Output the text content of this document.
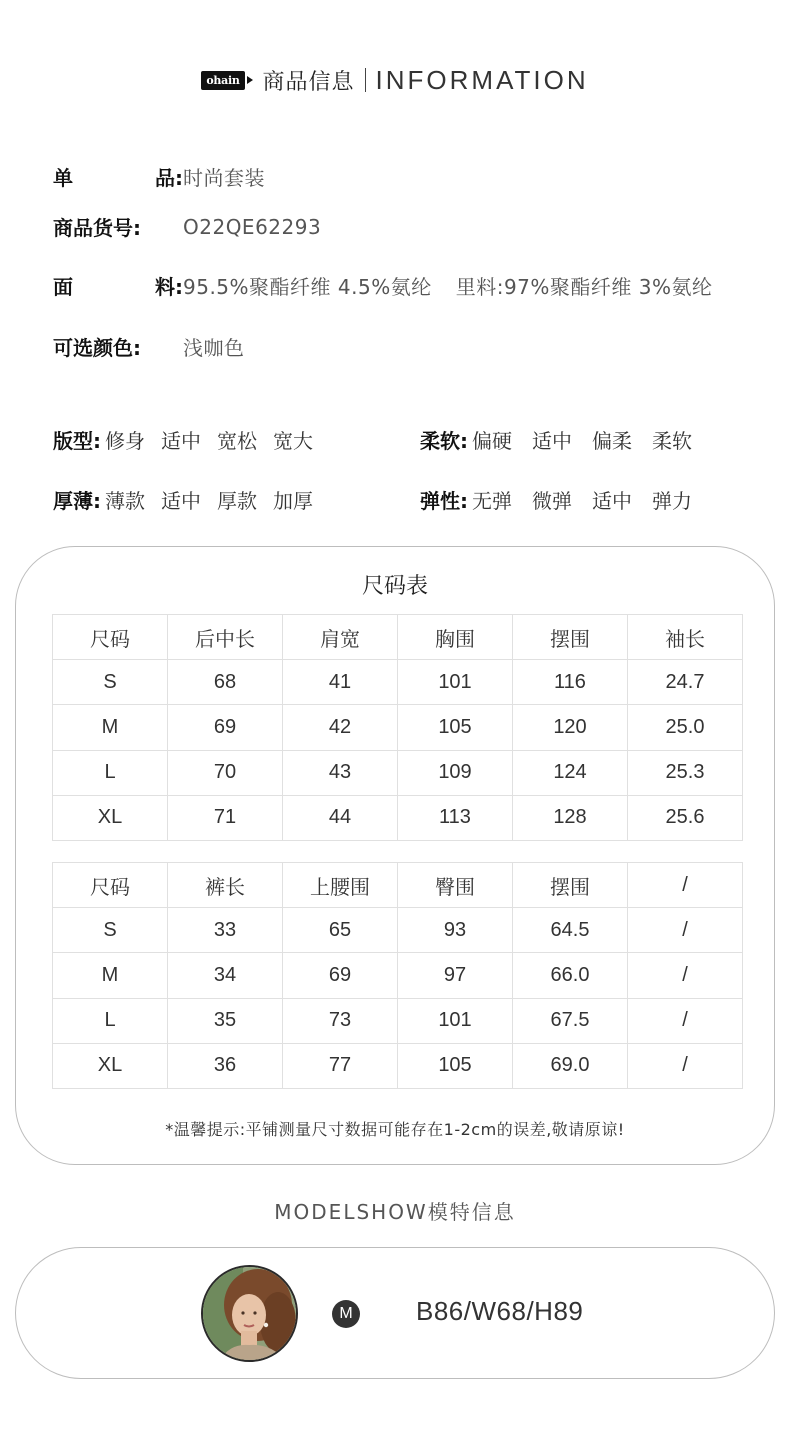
ohain 商品信息 INFORMATION
单	品: 时尚套装
商品货号:	O22QE62293
面	料: 95.5%聚酯纤维 4.5%氨纶 里料:97%聚酯纤维 3%氨纶
可选颜色:	浅咖色
版型: 修身 适中 宽松 宽大	柔软: 偏硬 适中 偏柔 柔软
厚薄: 薄款 适中 厚款 加厚	弹性: 无弹 微弹 适中 弹力
尺码表
尺码	后中长	肩宽	胸围	摆围	袖长
S	68	41	101	116	24.7
M	69	42	105	120	25.0
L	70	43	109	124	25.3
XL	71	44	113	128	25.6
尺码	裤长	上腰围	臀围	摆围	/
S	33	65	93	64.5	/
M	34	69	97	66.0	/
L	35	73	101	67.5	/
XL	36	77	105	69.0	/
*温馨提示:平铺测量尺寸数据可能存在1-2cm的误差,敬请原谅!
MODELSHOW模特信息
M B86/W68/H89
